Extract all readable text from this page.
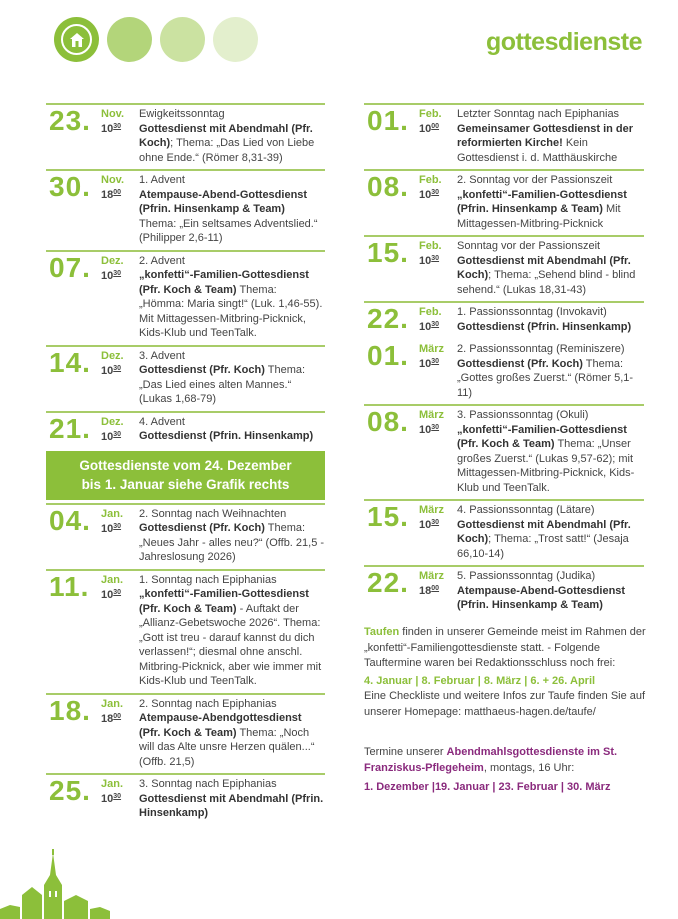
gottesdienste
23. Nov.
$10^{30}$
Ewigkeitssonntag
Gottesdienst mit Abendmahl (Pfr. Koch); Thema: „Das Lied von Liebe ohne Ende.“ (Römer 8,31-39)
30. Nov.
$18^{00}$
1. Advent
Atempause-Abend-Gottesdienst (Pfrin. Hinsenkamp & Team) Thema: „Ein seltsames Adventslied.“ (Philipper 2,6-11)
07. Dez.
$10^{30}$
2. Advent
„konfetti“-Familien-Gottesdienst (Pfr. Koch & Team) Thema: „Hömma: Maria singt!“ (Luk. 1,46-55). Mit Mittagessen-Mitbring-Picknick, Kids-Klub und TeenTalk.
14. Dez.
$10^{30}$
3. Advent
Gottesdienst (Pfr. Koch) Thema: „Das Lied eines alten Mannes.“ (Lukas 1,68-79)
21. Dez.
$10^{30}$
4. Advent
Gottesdienst (Pfrin. Hinsenkamp)
Gottesdienste vom 24. Dezember
bis 1. Januar siehe Grafik rechts
04. Jan.
$10^{30}$
2. Sonntag nach Weihnachten
Gottesdienst (Pfr. Koch) Thema: „Neues Jahr - alles neu?“ (Offb. 21,5 - Jahreslosung 2026)
11. Jan.
$10^{30}$
1. Sonntag nach Epiphanias
„konfetti“-Familien-Gottesdienst (Pfr. Koch & Team) - Auftakt der „Allianz-Gebetswoche 2026“. Thema: „Gott ist treu - darauf kannst du dich verlassen!“; diesmal ohne anschl. Mitbring-Picknick, aber wie immer mit Kids-Klub und TeenTalk.
18. Jan.
$18^{00}$
2. Sonntag nach Epiphanias
Atempause-Abendgottesdienst (Pfr. Koch & Team) Thema: „Noch will das Alte unsre Herzen quälen...“ (Offb. 21,5)
25. Jan.
$10^{30}$
3. Sonntag nach Epiphanias
Gottesdienst mit Abendmahl (Pfrin. Hinsenkamp)
01. Feb.
$10^{00}$
Letzter Sonntag nach Epiphanias
Gemeinsamer Gottesdienst in der reformierten Kirche! Kein Gottesdienst i. d. Matthäuskirche
08. Feb.
$10^{30}$
2. Sonntag vor der Passionszeit
„konfetti“-Familien-Gottesdienst (Pfrin. Hinsenkamp & Team) Mit Mittagessen-Mitbring-Picknick
15. Feb.
$10^{30}$
Sonntag vor der Passionszeit
Gottesdienst mit Abendmahl (Pfr. Koch); Thema: „Sehend blind - blind sehend.“ (Lukas 18,31-43)
22. Feb.
$10^{30}$
1. Passionssonntag (Invokavit)
Gottesdienst (Pfrin. Hinsenkamp)
01. März
$10^{30}$
2. Passionssonntag (Reminiszere)
Gottesdienst (Pfr. Koch) Thema: „Gottes großes Zuerst.“ (Römer 5,1-11)
08. März
$10^{30}$
3. Passionssonntag (Okuli)
„konfetti“-Familien-Gottesdienst (Pfr. Koch & Team) Thema: „Unser großes Zuerst.“ (Lukas 9,57-62); mit Mittagessen-Mitbring-Picknick, Kids-Klub und TeenTalk.
15. März
$10^{30}$
4. Passionssonntag (Lätare)
Gottesdienst mit Abendmahl (Pfr. Koch); Thema: „Trost satt!“ (Jesaja 66,10-14)
22. März
$18^{00}$
5. Passionssonntag (Judika)
Atempause-Abend-Gottesdienst (Pfrin. Hinsenkamp & Team)
Taufen finden in unserer Gemeinde meist im Rahmen der „konfetti“-Familiengottesdienste statt. - Folgende Tauftermine waren bei Redaktionsschluss noch frei:
4. Januar | 8. Februar | 8. März | 6. + 26. April
Eine Checkliste und weitere Infos zur Taufe finden Sie auf unserer Homepage: matthaeus-hagen.de/taufe/
Termine unserer Abendmahlsgottesdienste im St. Franziskus-Pflegeheim, montags, 16 Uhr:
1. Dezember |19. Januar | 23. Februar | 30. März
